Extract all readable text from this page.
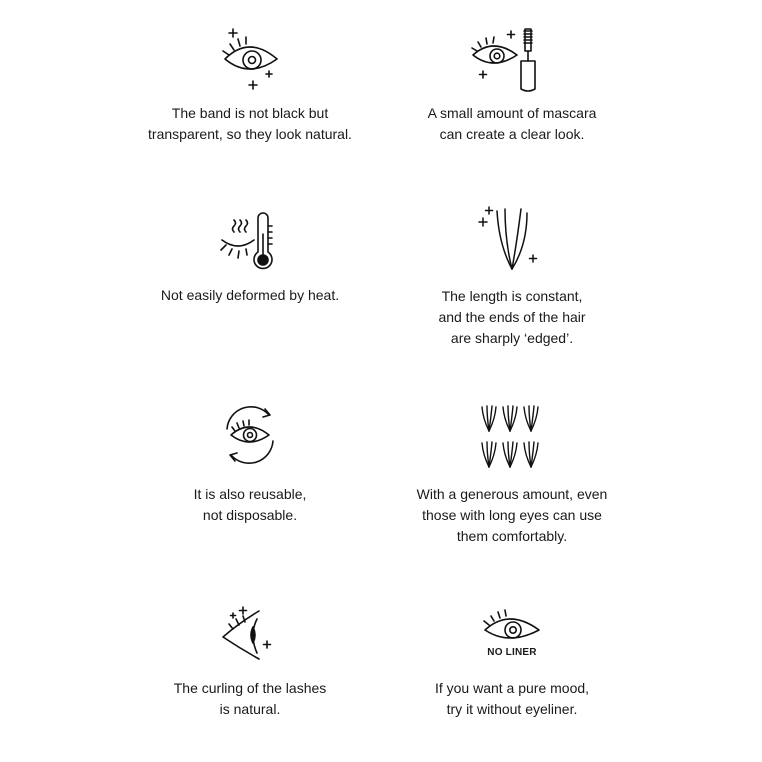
The band is not black but
transparent, so they look natural.
A small amount of mascara
can create a clear look.
Not easily deformed by heat.	The length is constant,
and the ends of the hair
are sharply ‘edged’.
It is also reusable,
not disposable.
With a generous amount, even
those with long eyes can use
them comfortably.
The curling of the lashes
is natural.
NO LINER
If you want a pure mood,
try it without eyeliner.
